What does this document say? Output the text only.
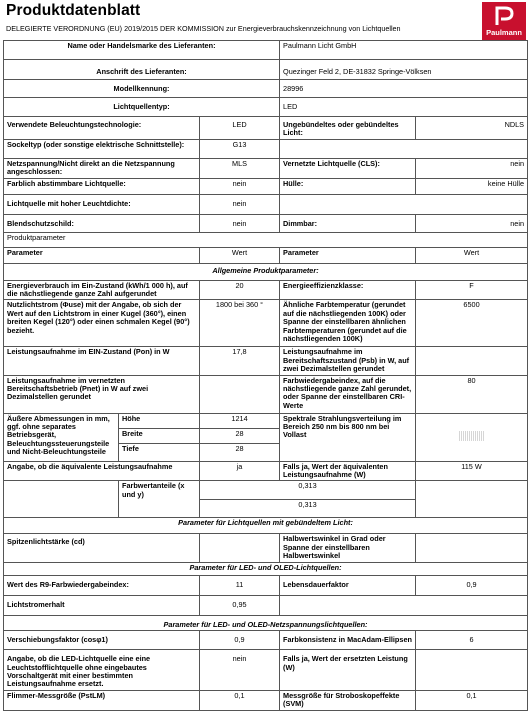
Produktdatenblatt
DELEGIERTE VERORDNUNG (EU) 2019/2015 DER KOMMISSION zur Energieverbrauchskennzeichnung von Lichtquellen	Paulmann
Name oder Handelsmarke des Lieferanten:			Paulmann Licht GmbH	
Anschrift des Lieferanten:			Quezinger Feld 2, DE-31832 Springe-Völksen	
Modellkennung:			28996	
Lichtquellentyp:			LED	
Verwendete Beleuchtungstechnologie:		LED	Ungebündeltes oder gebündeltes Licht:	NDLS
Sockeltyp (oder sonstige elektrische Schnittstelle):		G13		
Netzspannung/Nicht direkt an die Netzspannung angeschlossen:		MLS	Vernetzte Lichtquelle (CLS):	nein
Farblich abstimmbare Lichtquelle:		nein	Hülle:	keine Hülle
Lichtquelle mit hoher Leuchtdichte:		nein		
Blendschutzschild:		nein	Dimmbar:	nein
Produktparameter				
Parameter		Wert	Parameter	Wert
Allgemeine Produktparameter:				
Energieverbrauch im Ein-Zustand (kWh/1 000 h), auf die nächstliegende ganze Zahl aufgerundet		20	Energieeffizienzklasse:	F
Nutzlichtstrom (Φuse) mit der Angabe, ob sich der Wert auf den Lichtstrom in einer Kugel (360°), einen breiten Kegel (120°) oder einen schmalen Kegel (90°) bezieht.		1800 bei 360 °	Ähnliche Farbtemperatur (gerundet auf die nächstliegenden 100K) oder Spanne der einstellbaren ähnlichen Farbtemperaturen (gerundet auf die nächstliegenden 100K)	6500
Leistungsaufnahme im EIN-Zustand (Pon) in W		17,8	Leistungsaufnahme im Bereitschaftszustand (Psb) in W, auf zwei Dezimalstellen gerundet	
Leistungsaufnahme im vernetzten Bereitschaftsbetrieb (Pnet) in W auf zwei Dezimalstellen gerundet			Farbwiedergabeindex, auf die nächstliegende ganze Zahl gerundet, oder Spanne der einstellbaren CRI-Werte	80
Äußere Abmessungen in mm, ggf. ohne separates Betriebsgerät, Beleuchtungssteuerungsteile und Nicht-Beleuchtungsteile	Höhe	1214	Spektrale Strahlungsverteilung im Bereich 250 nm bis 800 nm bei Vollast	
	Breite	28		
	Tiefe	28		
Angabe, ob die äquivalente Leistungsaufnahme		ja	Falls ja, Wert der äquivalenten Leistungsaufnahme (W)	115 W
	Farbwertanteile (x und y)	0,313		
		0,313		
Parameter für Lichtquellen mit gebündeltem Licht:				
Spitzenlichtstärke (cd)			Halbwertswinkel in Grad oder Spanne der einstellbaren Halbwertswinkel	
Parameter für LED- und OLED-Lichtquellen:				
Wert des R9-Farbwiedergabeindex:		11	Lebensdauerfaktor	0,9
Lichtstromerhalt		0,95		
Parameter für LED- und OLED-Netzspannungslichtquellen:				
Verschiebungsfaktor (cosφ1)		0,9	Farbkonsistenz in MacAdam-Ellipsen	6
Angabe, ob die LED-Lichtquelle eine eine Leuchtstofflichtquelle ohne eingebautes Vorschaltgerät mit einer bestimmten Leistungsaufnahme ersetzt.		nein	Falls ja, Wert der ersetzten Leistung (W)	
Flimmer-Messgröße (PstLM)		0,1	Messgröße für Stroboskopeffekte (SVM)	0,1
